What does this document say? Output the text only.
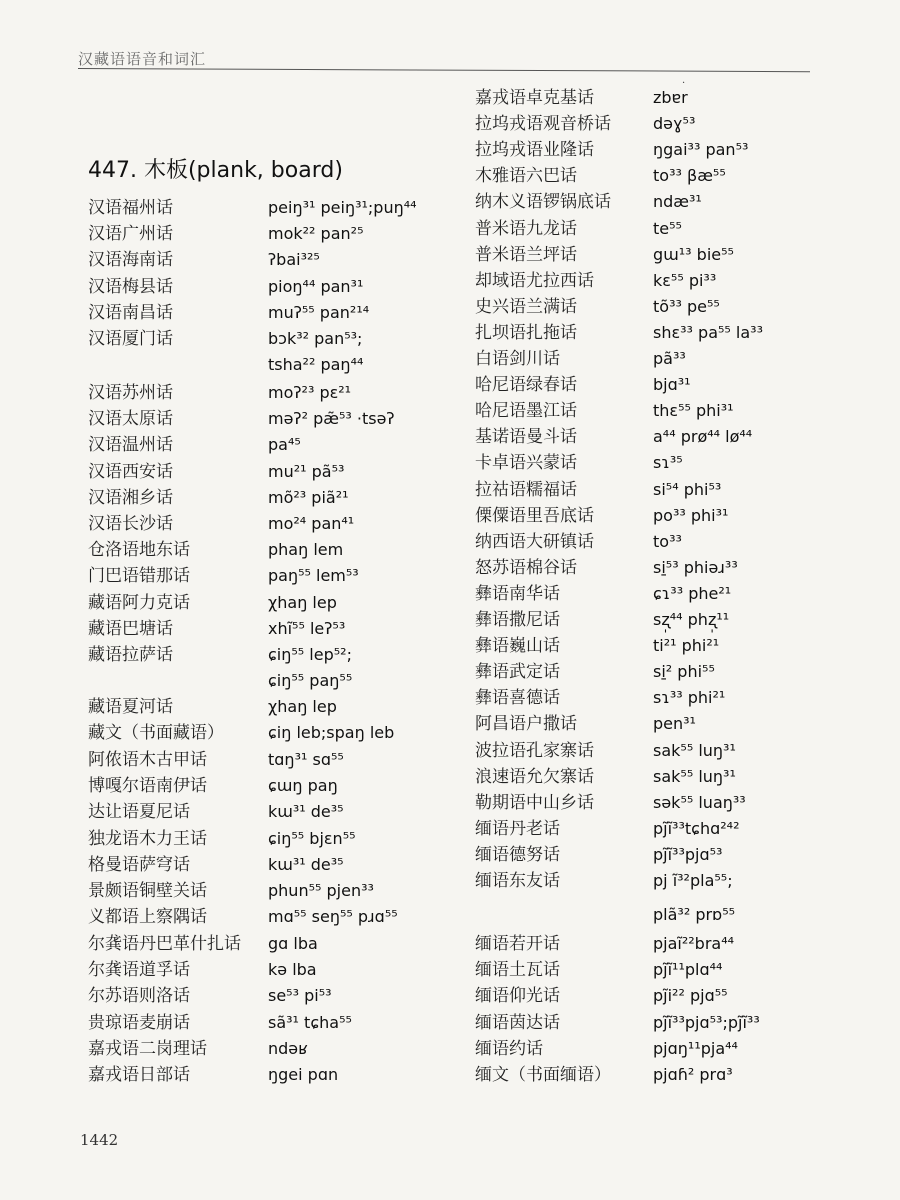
汉藏语语音和词汇
·
447. 木板(plank, board)
汉语福州话	peiŋ³¹ peiŋ³¹;puŋ⁴⁴
汉语广州话	mok²² pan²⁵
汉语海南话	ʔbai³²⁵
汉语梅县话	pioŋ⁴⁴ pan³¹
汉语南昌话	muʔ⁵⁵ pan²¹⁴
汉语厦门话	bɔk³² pan⁵³;
tsha²² paŋ⁴⁴
汉语苏州话	moʔ²³ pɛ²¹
汉语太原话	məʔ² pæ̃⁵³ ·tsəʔ
汉语温州话	pa⁴⁵
汉语西安话	mu²¹ pã⁵³
汉语湘乡话	mõ²³ piã²¹
汉语长沙话	mo²⁴ pan⁴¹
仓洛语地东话	phaŋ lem
门巴语错那话	paŋ⁵⁵ lem⁵³
藏语阿力克话	χhaŋ lep
藏语巴塘话	xhĩ⁵⁵ leʔ⁵³
藏语拉萨话	ɕiŋ⁵⁵ lep⁵²;
ɕiŋ⁵⁵ paŋ⁵⁵
藏语夏河话	χhaŋ lep
藏文（书面藏语）	ɕiŋ leb;spaŋ leb
阿侬语木古甲话	tɑŋ³¹ sɑ⁵⁵
博嘎尔语南伊话	ɕɯŋ paŋ
达让语夏尼话	kɯ³¹ de³⁵
独龙语木力王话	ɕiŋ⁵⁵ bjɛn⁵⁵
格曼语萨穹话	kɯ³¹ de³⁵
景颇语铜壁关话	phun⁵⁵ pjen³³
义都语上察隅话	mɑ⁵⁵ seŋ⁵⁵ pɹɑ⁵⁵
尔龚语丹巴革什扎话 gɑ lba
尔龚语道孚话	kə lba
尔苏语则洛话	se⁵³ pi⁵³
贵琼语麦崩话	sã³¹ tɕha⁵⁵
嘉戎语二岗理话	ndəʁ
嘉戎语日部话	ŋgei pɑn
嘉戎语卓克基话	zbɐr
拉坞戎语观音桥话	dəɣ⁵³
拉坞戎语业隆话	ŋgai³³ pan⁵³
木雅语六巴话	to³³ βæ⁵⁵
纳木义语锣锅底话	ndæ³¹
普米语九龙话	te⁵⁵
普米语兰坪话	gɯ¹³ bie⁵⁵
却域语尤拉西话	kɛ⁵⁵ pi³³
史兴语兰满话	tõ³³ pe⁵⁵
扎坝语扎拖话	shɛ³³ pa⁵⁵ la³³
白语剑川话	pã³³
哈尼语绿春话	bjɑ³¹
哈尼语墨江话	thɛ⁵⁵ phi³¹
基诺语曼斗话	a⁴⁴ prø⁴⁴ lø⁴⁴
卡卓语兴蒙话	sɿ³⁵
拉祜语糯福话	si⁵⁴ phi⁵³
傈僳语里吾底话	po³³ phi³¹
纳西语大研镇话	to³³
怒苏语棉谷话	si̱⁵³ phiəɹ³³
彝语南华话	ɕɿ³³ phe²¹
彝语撒尼话	sʐ̩⁴⁴ phʐ̩¹¹
彝语巍山话	ti²¹ phi²¹
彝语武定话	si̱² phi⁵⁵
彝语喜德话	sɿ³³ phi²¹
阿昌语户撒话	pen³¹
波拉语孔家寨话	sak⁵⁵ luŋ³¹
浪速语允欠寨话	sak⁵⁵ luŋ³¹
勒期语中山乡话	sək⁵⁵ luaŋ³³
缅语丹老话	pj̃ĩ³³tɕhɑ²⁴²
缅语德努话	pj̃ĩ³³pjɑ⁵³
缅语东友话	pj ĩ³²pla⁵⁵;
plã³² prɒ⁵⁵
缅语若开话	pjaĩ²²bra⁴⁴
缅语土瓦话	pj̃ĩ¹¹plɑ⁴⁴
缅语仰光话	pj̃i²² pjɑ⁵⁵
缅语茵达话	pj̃ĩ³³pjɑ⁵³;pj̃ĩ³³
缅语约话	pjɑŋ¹¹pja⁴⁴
缅文（书面缅语）	pjɑɦ² prɑ³
1442
